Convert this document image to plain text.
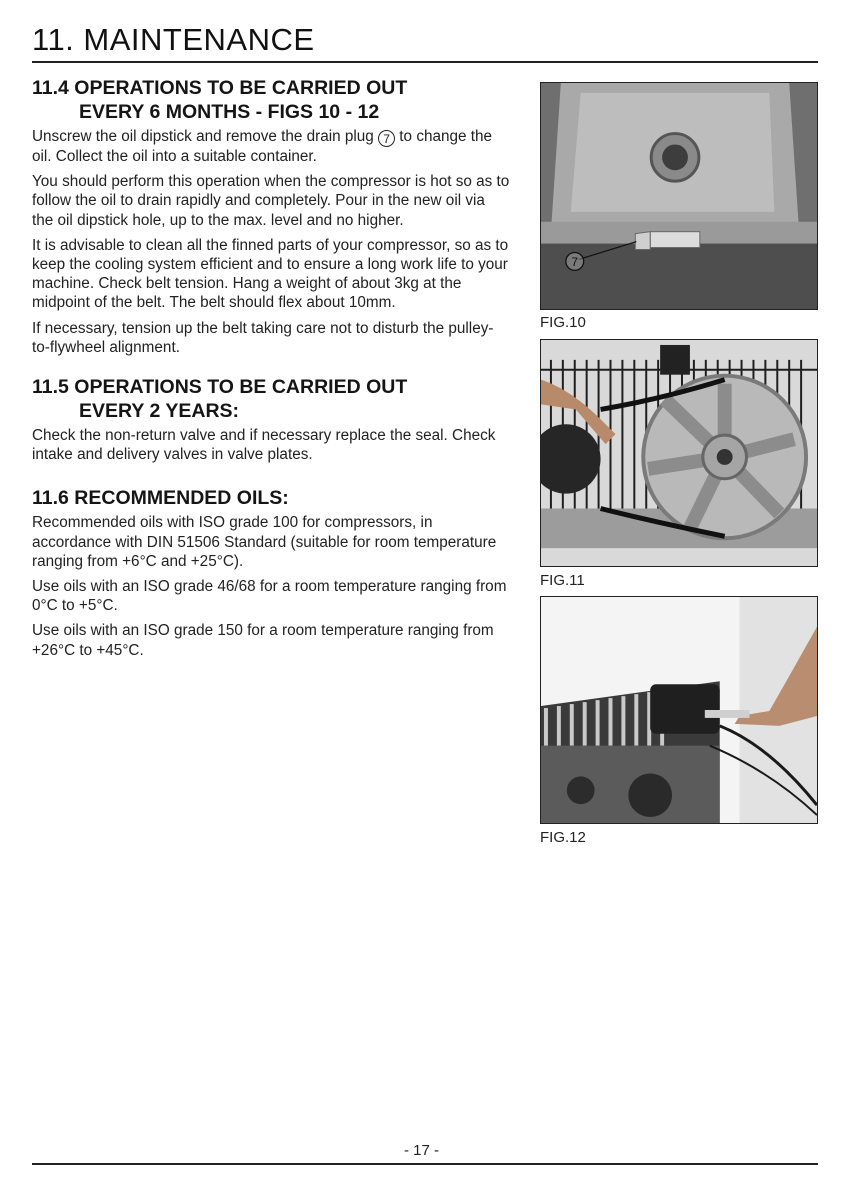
11. MAINTENANCE
11.4 OPERATIONS TO BE CARRIED OUT
EVERY 6 MONTHS - FIGS 10 - 12

Unscrew the oil dipstick and remove the drain plug 7 to change the oil. Collect the oil into a suitable container.

You should perform this operation when the compressor is hot so as to follow the oil to drain rapidly and completely. Pour in the new oil via the oil dipstick hole, up to the max. level and no higher.

It is advisable to clean all the finned parts of your compressor, so as to keep the cooling system efficient and to ensure a long work life to your machine. Check belt tension. Hang a weight of about 3kg at the midpoint of the belt. The belt should flex about 10mm.

If necessary, tension up the belt taking care not to disturb the pulley-to-flywheel alignment.

11.5 OPERATIONS TO BE CARRIED OUT
EVERY 2 YEARS:

Check the non-return valve and if necessary replace the seal. Check intake and delivery valves in valve plates.

11.6 RECOMMENDED OILS:

Recommended oils with ISO grade 100 for compressors, in accordance with DIN 51506 Standard (suitable for room temperature ranging from +6°C and +25°C).

Use oils with an ISO grade 46/68 for a room temperature ranging from 0°C to +5°C.

Use oils with an ISO grade 150 for a room temperature ranging from +26°C to +45°C.

7
FIG.10
FIG.11
FIG.12
- 17 -
